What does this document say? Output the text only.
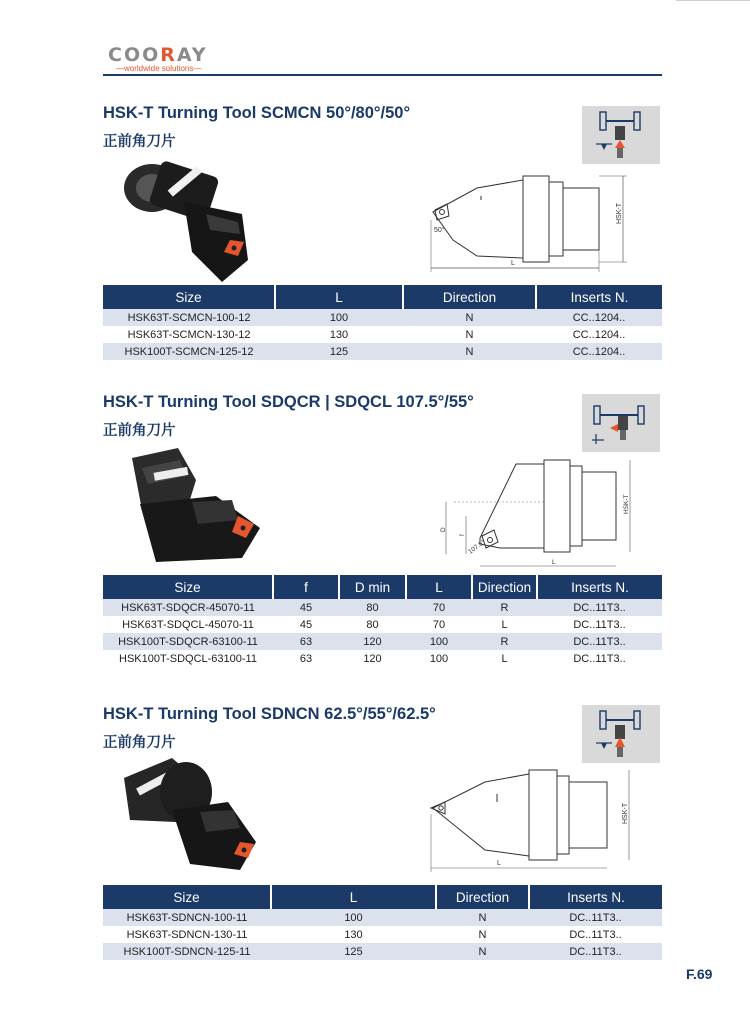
COORAY
—worldwide solutions—
HSK-T Turning Tool SCMCN 50°/80°/50°
正前角刀片
50°
L
HSK-T
Size	L	Direction	Inserts N.
HSK63T-SCMCN-100-12	100	N	CC..1204..
HSK63T-SCMCN-130-12	130	N	CC..1204..
HSK100T-SCMCN-125-12	125	N	CC..1204..
HSK-T Turning Tool SDQCR | SDQCL 107.5°/55°
正前角刀片
D
f
107.5°
L
HSK-T
Size	f	D min	L	Direction	Inserts N.
HSK63T-SDQCR-45070-11	45	80	70	R	DC..11T3..
HSK63T-SDQCL-45070-11	45	80	70	L	DC..11T3..
HSK100T-SDQCR-63100-11	63	120	100	R	DC..11T3..
HSK100T-SDQCL-63100-11	63	120	100	L	DC..11T3..
HSK-T Turning Tool SDNCN 62.5°/55°/62.5°
正前角刀片
L
HSK-T
Size	L	Direction	Inserts N.
HSK63T-SDNCN-100-11	100	N	DC..11T3..
HSK63T-SDNCN-130-11	130	N	DC..11T3..
HSK100T-SDNCN-125-11	125	N	DC..11T3..
F.69
